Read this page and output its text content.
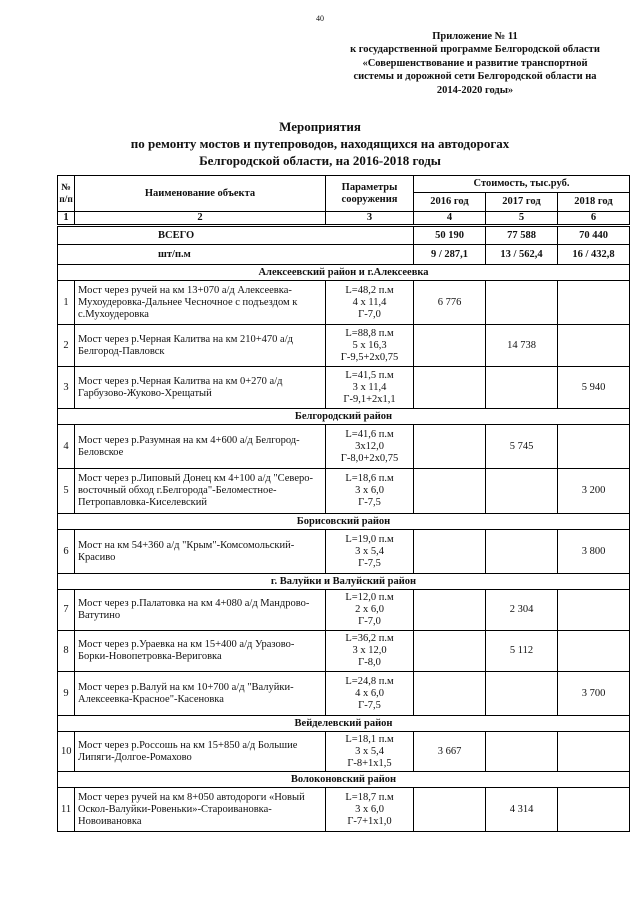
40
Приложение № 11
к государственной программе Белгородской области
«Совершенствование и развитие транспортной
системы и дорожной сети Белгородской области на
2014-2020 годы»
Мероприятия
по ремонту мостов и путепроводов, находящихся на автодорогах
Белгородской области, на 2016-2018 годы
№ п/п	Наименование объекта	Параметры сооружения	Стоимость, тыс.руб.		
			2016 год	2017 год	2018 год
1	2	3	4	5	6
ВСЕГО			50 190	77 588	70 440
шт/п.м			9 / 287,1	13 / 562,4	16 / 432,8
Алексеевский район и г.Алексеевка					
1	Мост через ручей на км 13+070 а/д Алексеевка-Мухоудеровка-Дальнее Чесночное с подъездом к с.Мухоудеровка	L=48,2 п.м
4 х 11,4
Г-7,0	6 776		
2	Мост через р.Черная Калитва на км 210+470 а/д Белгород-Павловск	L=88,8 п.м
5 х 16,3
Г-9,5+2х0,75		14 738	
3	Мост через р.Черная Калитва на км 0+270 а/д Гарбузово-Жуково-Хрещатый	L=41,5 п.м
3 х 11,4
Г-9,1+2х1,1			5 940
Белгородский район					
4	Мост через р.Разумная на км 4+600 а/д Белгород-Беловское	L=41,6 п.м
3х12,0
Г-8,0+2х0,75		5 745	
5	Мост через р.Липовый Донец км 4+100 а/д "Северо-восточный обход г.Белгорода"-Беломестное-Петропавловка-Киселевский	L=18,6 п.м
3 х 6,0
Г-7,5			3 200
Борисовский район					
6	Мост на км 54+360 а/д "Крым"-Комсомольский-Красиво	L=19,0 п.м
3 х 5,4
Г-7,5			3 800
г. Валуйки и Валуйский район					
7	Мост через р.Палатовка на км 4+080 а/д Мандрово-Ватутино	L=12,0 п.м
2 х 6,0
Г-7,0		2 304	
8	Мост через р.Ураевка на км 15+400 а/д Уразово-Борки-Новопетровка-Вериговка	L=36,2 п.м
3 х 12,0
Г-8,0		5 112	
9	Мост через р.Валуй на км 10+700 а/д "Валуйки-Алексеевка-Красное"-Касеновка	L=24,8 п.м
4 х 6,0
Г-7,5			3 700
Вейделевский район					
10	Мост через р.Россошь на км 15+850 а/д Большие Липяги-Долгое-Ромахово	L=18,1 п.м
3 х 5,4
Г-8+1х1,5	3 667		
Волоконовский район					
11	Мост через ручей на км 8+050 автодороги «Новый Оскол-Валуйки-Ровеньки»-Староивановка-Новоивановка	L=18,7 п.м
3 х 6,0
Г-7+1х1,0		4 314	
